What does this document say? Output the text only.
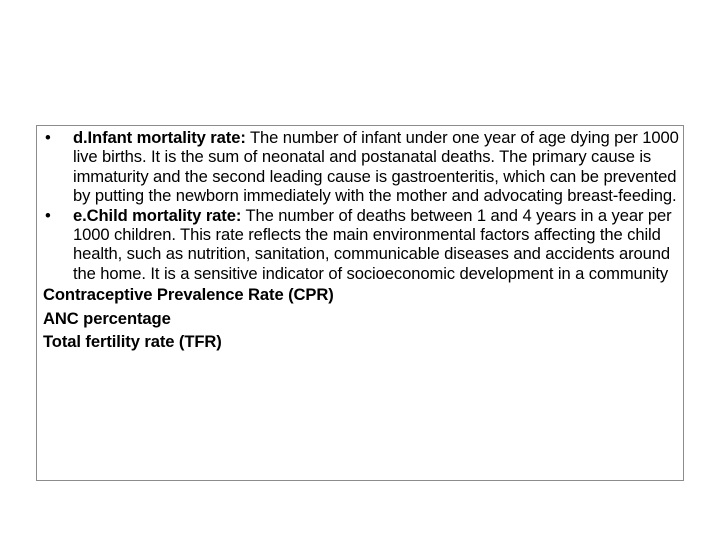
• d.Infant mortality rate: The number of infant under one year of age dying per 1000 live births. It is the sum of neonatal and postanatal deaths. The primary cause is immaturity and the second leading cause is gastroenteritis, which can be prevented by putting the newborn immediately with the mother and advocating breast-feeding.
• e.Child mortality rate: The number of deaths between 1 and 4 years in a year per 1000 children. This rate reflects the main environmental factors affecting the child health, such as nutrition, sanitation, communicable diseases and accidents around the home. It is a sensitive indicator of socioeconomic development in a community
Contraceptive Prevalence Rate (CPR)
ANC percentage
Total fertility rate (TFR)
